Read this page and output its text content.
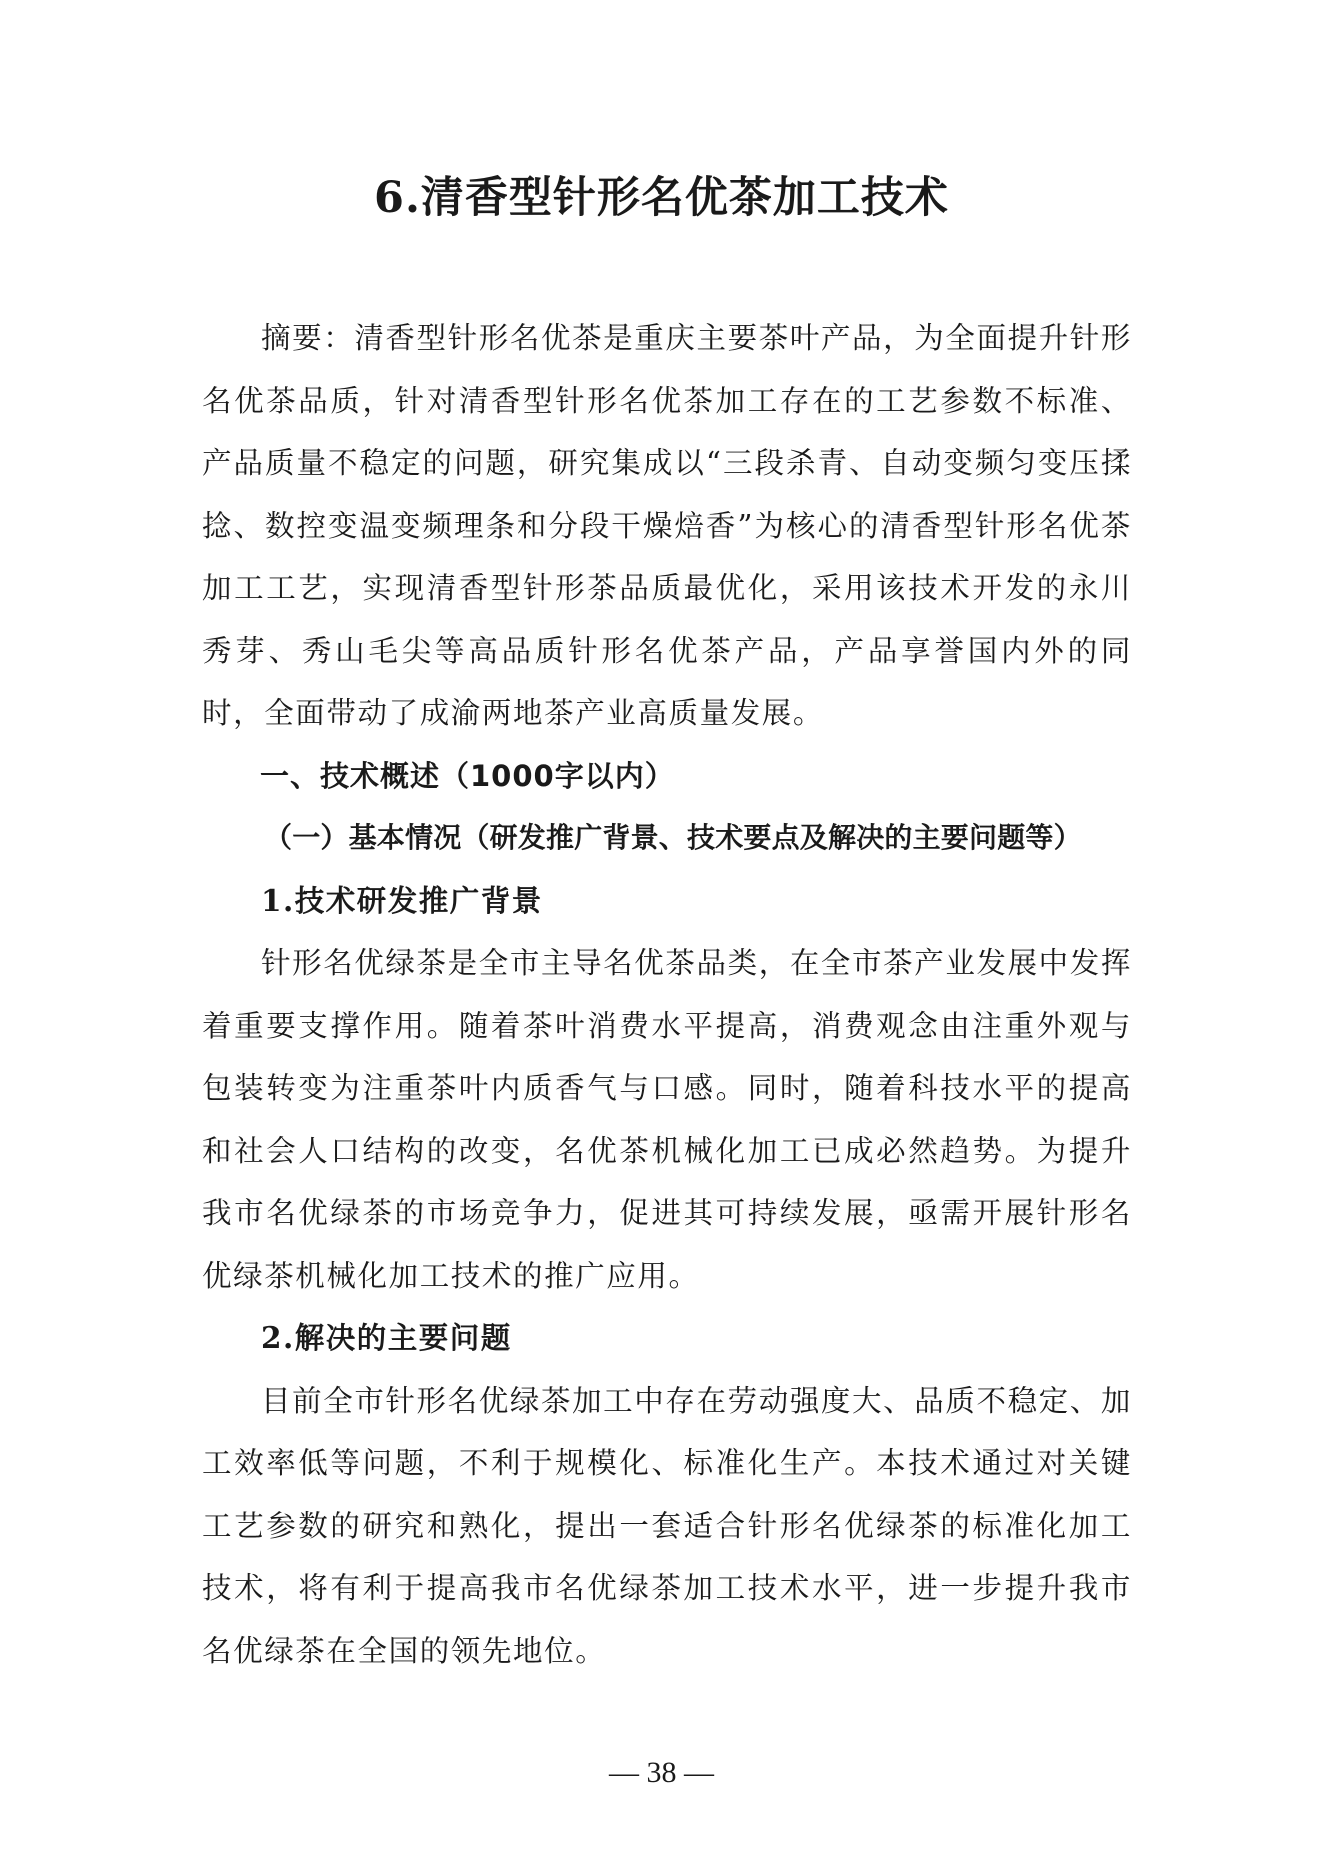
6.清香型针形名优茶加工技术

摘要：清香型针形名优茶是重庆主要茶叶产品，为全面提升针形名优茶品质，针对清香型针形名优茶加工存在的工艺参数不标准、产品质量不稳定的问题，研究集成以“三段杀青、自动变频匀变压揉捻、数控变温变频理条和分段干燥焙香”为核心的清香型针形名优茶加工工艺，实现清香型针形茶品质最优化，采用该技术开发的永川秀芽、秀山毛尖等高品质针形名优茶产品，产品享誉国内外的同时，全面带动了成渝两地茶产业高质量发展。

一、技术概述（1000字以内）

（一）基本情况（研发推广背景、技术要点及解决的主要问题等）

1.技术研发推广背景

针形名优绿茶是全市主导名优茶品类，在全市茶产业发展中发挥着重要支撑作用。随着茶叶消费水平提高，消费观念由注重外观与包装转变为注重茶叶内质香气与口感。同时，随着科技水平的提高和社会人口结构的改变，名优茶机械化加工已成必然趋势。为提升我市名优绿茶的市场竞争力，促进其可持续发展，亟需开展针形名优绿茶机械化加工技术的推广应用。

2.解决的主要问题

目前全市针形名优绿茶加工中存在劳动强度大、品质不稳定、加工效率低等问题，不利于规模化、标准化生产。本技术通过对关键工艺参数的研究和熟化，提出一套适合针形名优绿茶的标准化加工技术，将有利于提高我市名优绿茶加工技术水平，进一步提升我市名优绿茶在全国的领先地位。

— 38 —
